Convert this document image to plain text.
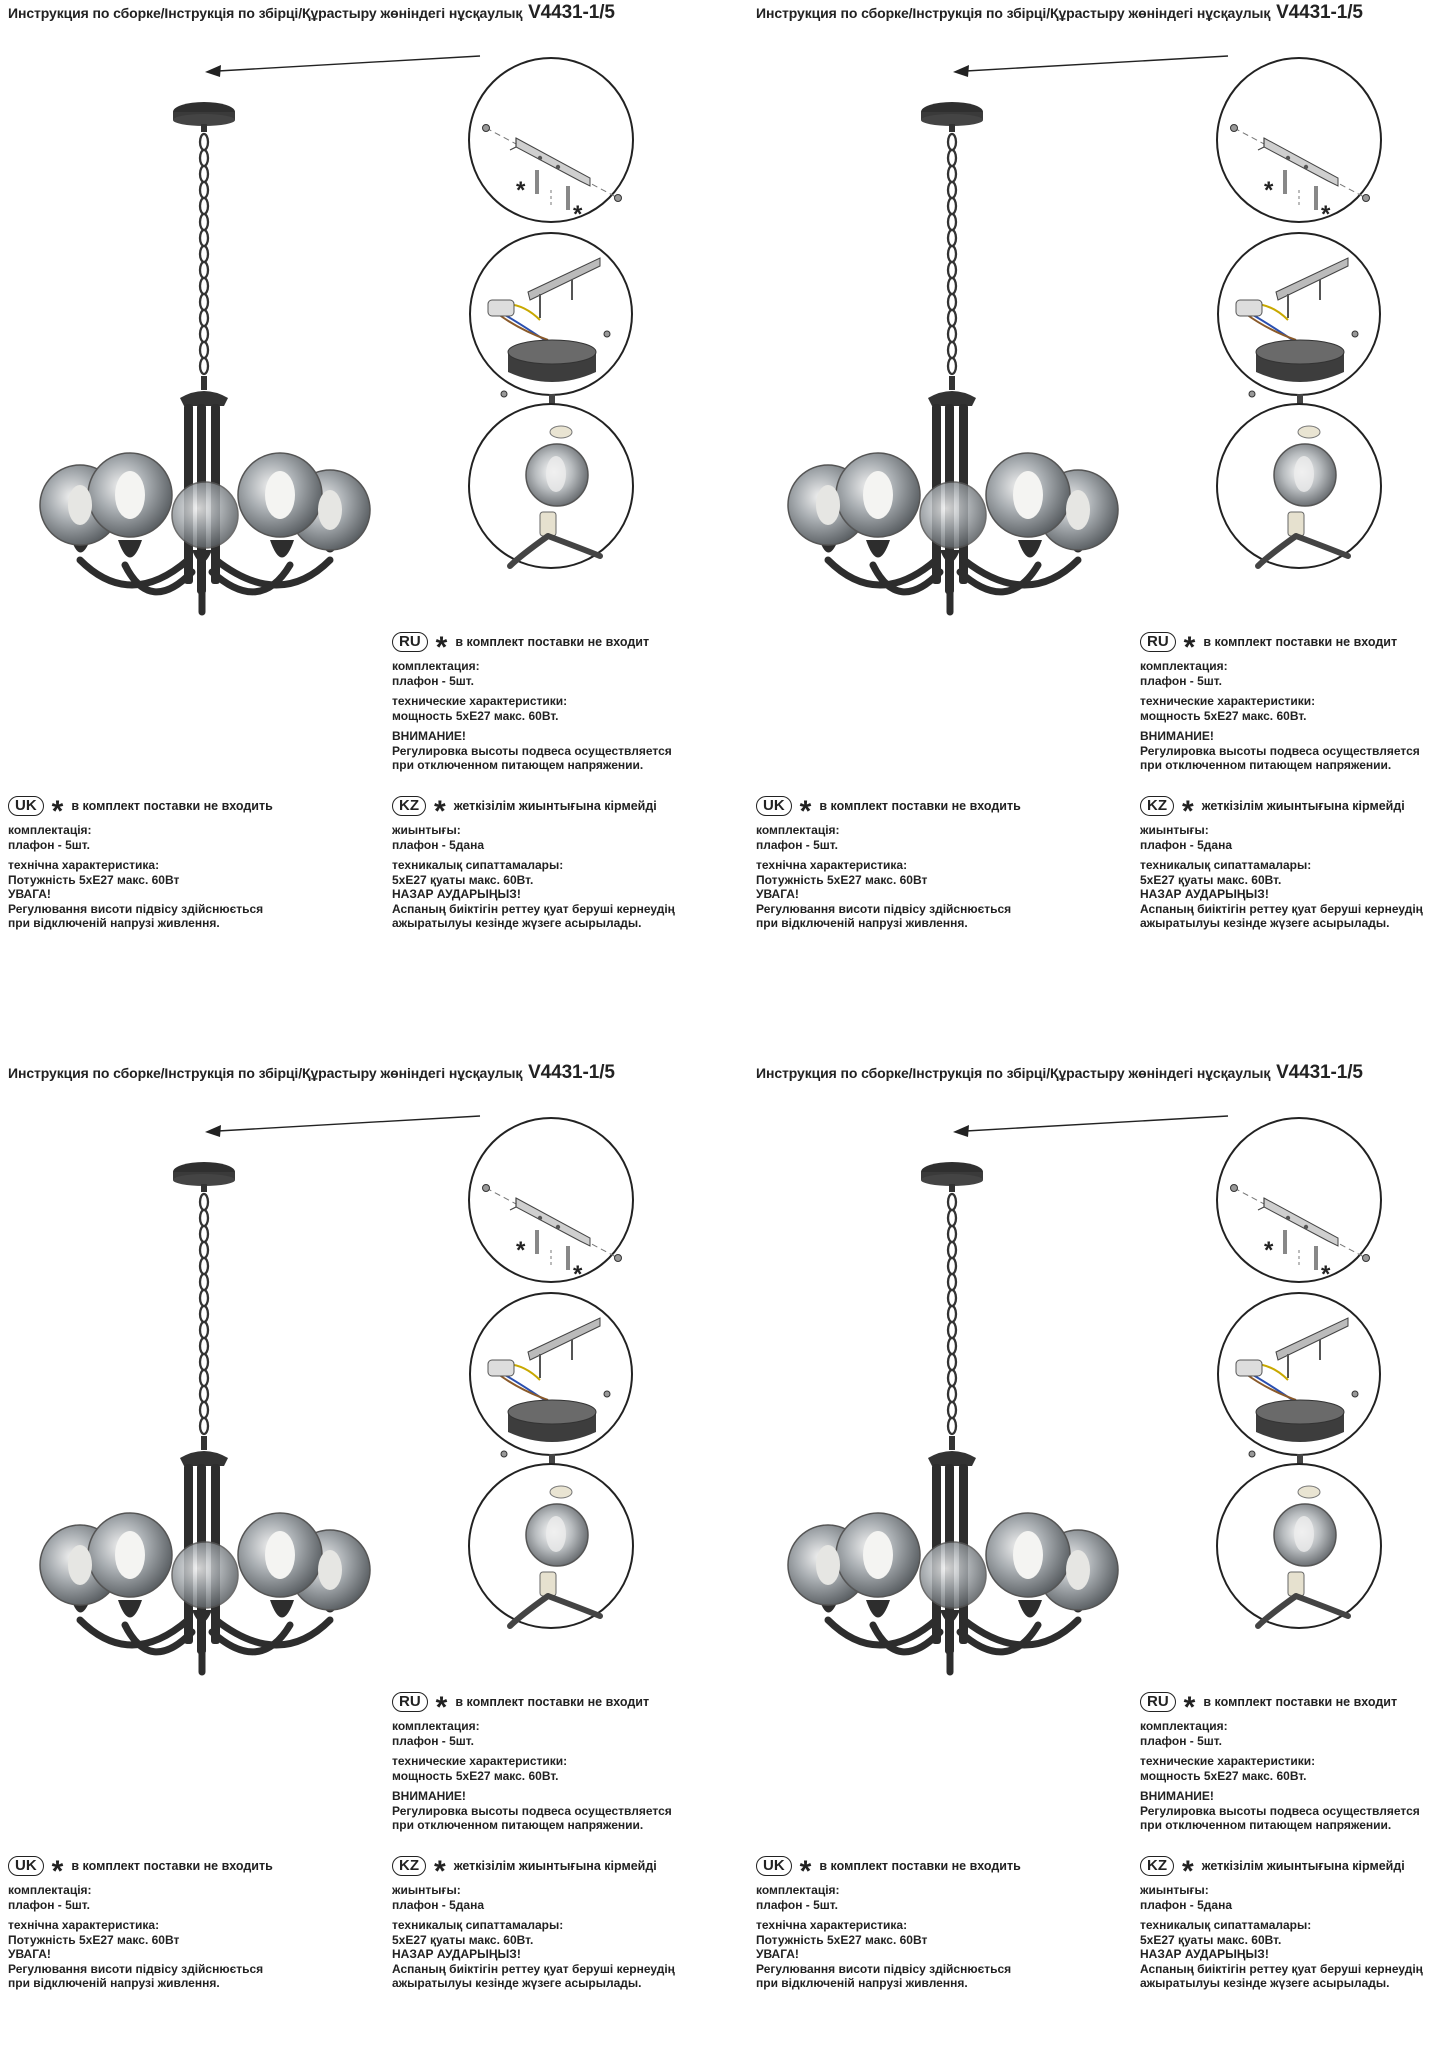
Инструкция по сборке/Інструкція по збірці/Құрастыру жөніндегі нұсқаулық V4431-1/5
*
*
RU * в комплект поставки не входит
комплектация:
плафон - 5шт.
технические характеристики:
мощность 5xE27 макс. 60Вт.
ВНИМАНИЕ!
Регулировка высоты подвеса осуществляется
при отключенном питающем напряжении.
UK * в комплект поставки не входить
комплектація:
плафон - 5шт.
технічна характеристика:
Потужність 5xE27 макс. 60Вт
УВАГА!
Регулювання висоти підвісу здійснюється
при відключеній напрузі живлення.
KZ * жеткізілім жиынтығына кірмейді
жиынтығы:
плафон - 5дана
техникалық сипаттамалары:
5xE27 қуаты макс. 60Вт.
НАЗАР АУДАРЫҢЫЗ!
Аспаның биіктігін реттеу қуат беруші кернеудің
ажыратылуы кезінде жүзеге асырылады.
Инструкция по сборке/Інструкція по збірці/Құрастыру жөніндегі нұсқаулық V4431-1/5
*
*
RU * в комплект поставки не входит
комплектация:
плафон - 5шт.
технические характеристики:
мощность 5xE27 макс. 60Вт.
ВНИМАНИЕ!
Регулировка высоты подвеса осуществляется
при отключенном питающем напряжении.
UK * в комплект поставки не входить
комплектація:
плафон - 5шт.
технічна характеристика:
Потужність 5xE27 макс. 60Вт
УВАГА!
Регулювання висоти підвісу здійснюється
при відключеній напрузі живлення.
KZ * жеткізілім жиынтығына кірмейді
жиынтығы:
плафон - 5дана
техникалық сипаттамалары:
5xE27 қуаты макс. 60Вт.
НАЗАР АУДАРЫҢЫЗ!
Аспаның биіктігін реттеу қуат беруші кернеудің
ажыратылуы кезінде жүзеге асырылады.
Инструкция по сборке/Інструкція по збірці/Құрастыру жөніндегі нұсқаулық V4431-1/5
*
*
RU * в комплект поставки не входит
комплектация:
плафон - 5шт.
технические характеристики:
мощность 5xE27 макс. 60Вт.
ВНИМАНИЕ!
Регулировка высоты подвеса осуществляется
при отключенном питающем напряжении.
UK * в комплект поставки не входить
комплектація:
плафон - 5шт.
технічна характеристика:
Потужність 5xE27 макс. 60Вт
УВАГА!
Регулювання висоти підвісу здійснюється
при відключеній напрузі живлення.
KZ * жеткізілім жиынтығына кірмейді
жиынтығы:
плафон - 5дана
техникалық сипаттамалары:
5xE27 қуаты макс. 60Вт.
НАЗАР АУДАРЫҢЫЗ!
Аспаның биіктігін реттеу қуат беруші кернеудің
ажыратылуы кезінде жүзеге асырылады.
Инструкция по сборке/Інструкція по збірці/Құрастыру жөніндегі нұсқаулық V4431-1/5
*
*
RU * в комплект поставки не входит
комплектация:
плафон - 5шт.
технические характеристики:
мощность 5xE27 макс. 60Вт.
ВНИМАНИЕ!
Регулировка высоты подвеса осуществляется
при отключенном питающем напряжении.
UK * в комплект поставки не входить
комплектація:
плафон - 5шт.
технічна характеристика:
Потужність 5xE27 макс. 60Вт
УВАГА!
Регулювання висоти підвісу здійснюється
при відключеній напрузі живлення.
KZ * жеткізілім жиынтығына кірмейді
жиынтығы:
плафон - 5дана
техникалық сипаттамалары:
5xE27 қуаты макс. 60Вт.
НАЗАР АУДАРЫҢЫЗ!
Аспаның биіктігін реттеу қуат беруші кернеудің
ажыратылуы кезінде жүзеге асырылады.
